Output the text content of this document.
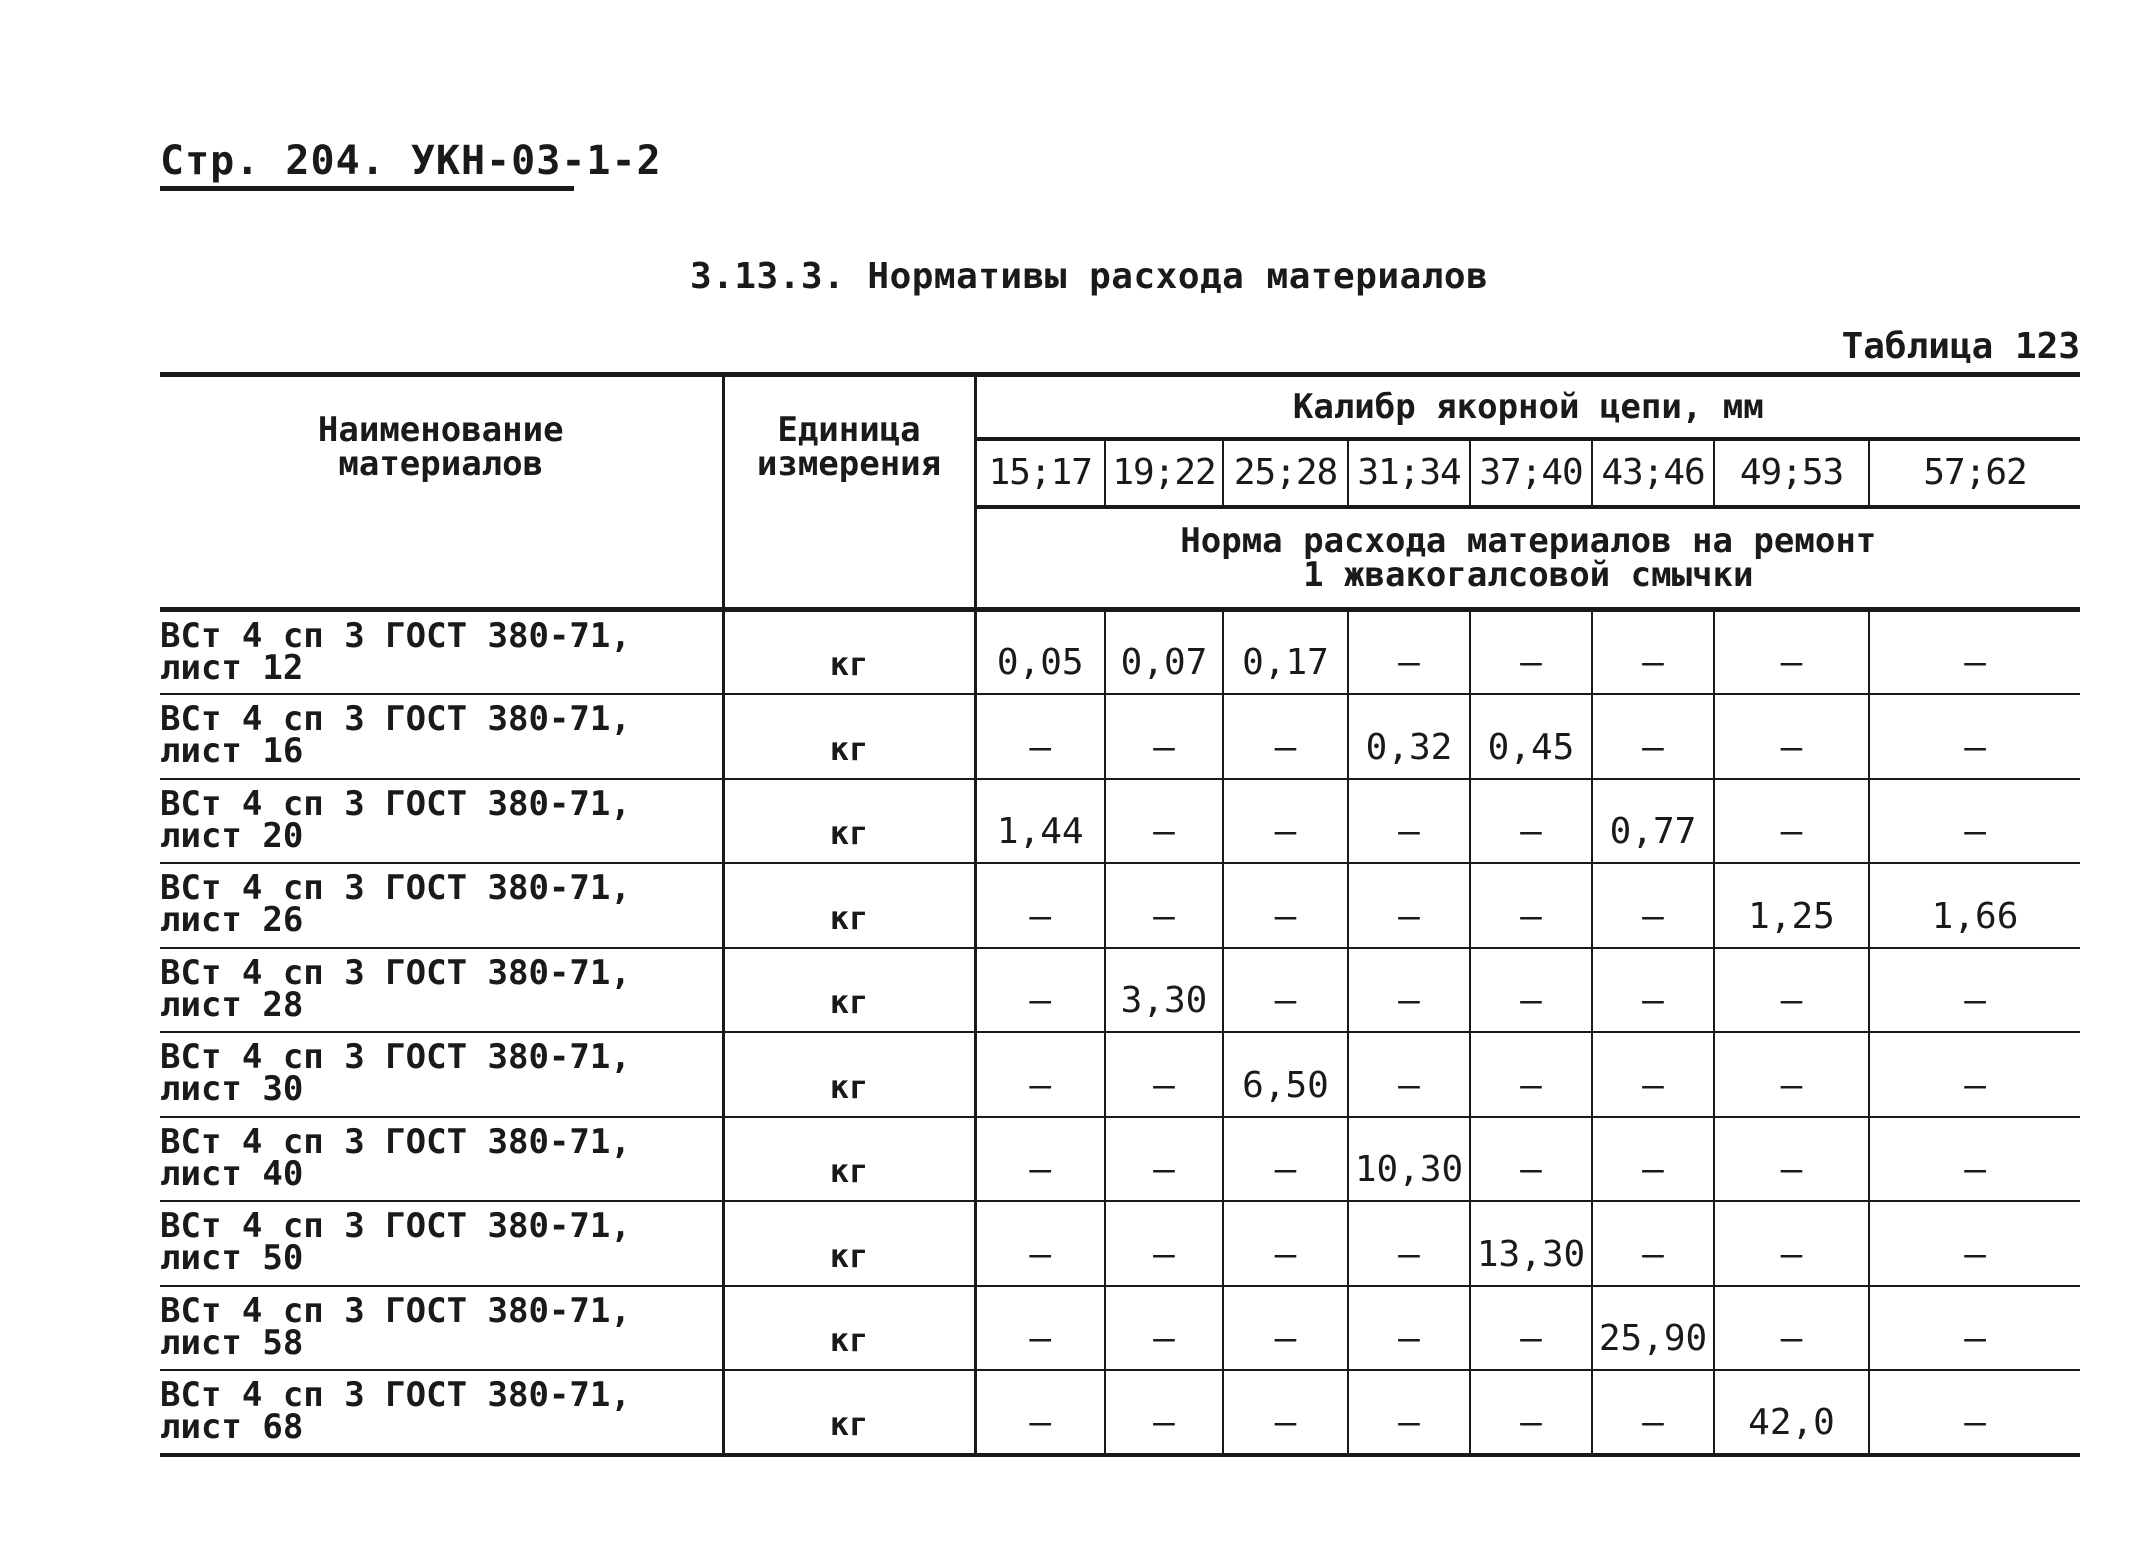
Стр. 204. УКН-03-1-2
3.13.3. Нормативы расхода материалов
Таблица 123
Наименование
материалов	Единица
измерения	Калибр якорной цепи, мм							
		15;17	19;22	25;28	31;34	37;40	43;46	49;53	57;62

		Норма расхода материалов на ремонт
1 жвакогалсовой смычки							

ВСт 4 сп 3 ГОСТ 380-71,
лист 12	кг	0,05	0,07	0,17	–	–	–	–	–

ВСт 4 сп 3 ГОСТ 380-71,
лист 16	кг	–	–	–	0,32	0,45	–	–	–

ВСт 4 сп 3 ГОСТ 380-71,
лист 20	кг	1,44	–	–	–	–	0,77	–	–

ВСт 4 сп 3 ГОСТ 380-71,
лист 26	кг	–	–	–	–	–	–	1,25	1,66

ВСт 4 сп 3 ГОСТ 380-71,
лист 28	кг	–	3,30	–	–	–	–	–	–

ВСт 4 сп 3 ГОСТ 380-71,
лист 30	кг	–	–	6,50	–	–	–	–	–

ВСт 4 сп 3 ГОСТ 380-71,
лист 40	кг	–	–	–	10,30	–	–	–	–

ВСт 4 сп 3 ГОСТ 380-71,
лист 50	кг	–	–	–	–	13,30	–	–	–

ВСт 4 сп 3 ГОСТ 380-71,
лист 58	кг	–	–	–	–	–	25,90	–	–

ВСт 4 сп 3 ГОСТ 380-71,
лист 68	кг	–	–	–	–	–	–	42,0	–
